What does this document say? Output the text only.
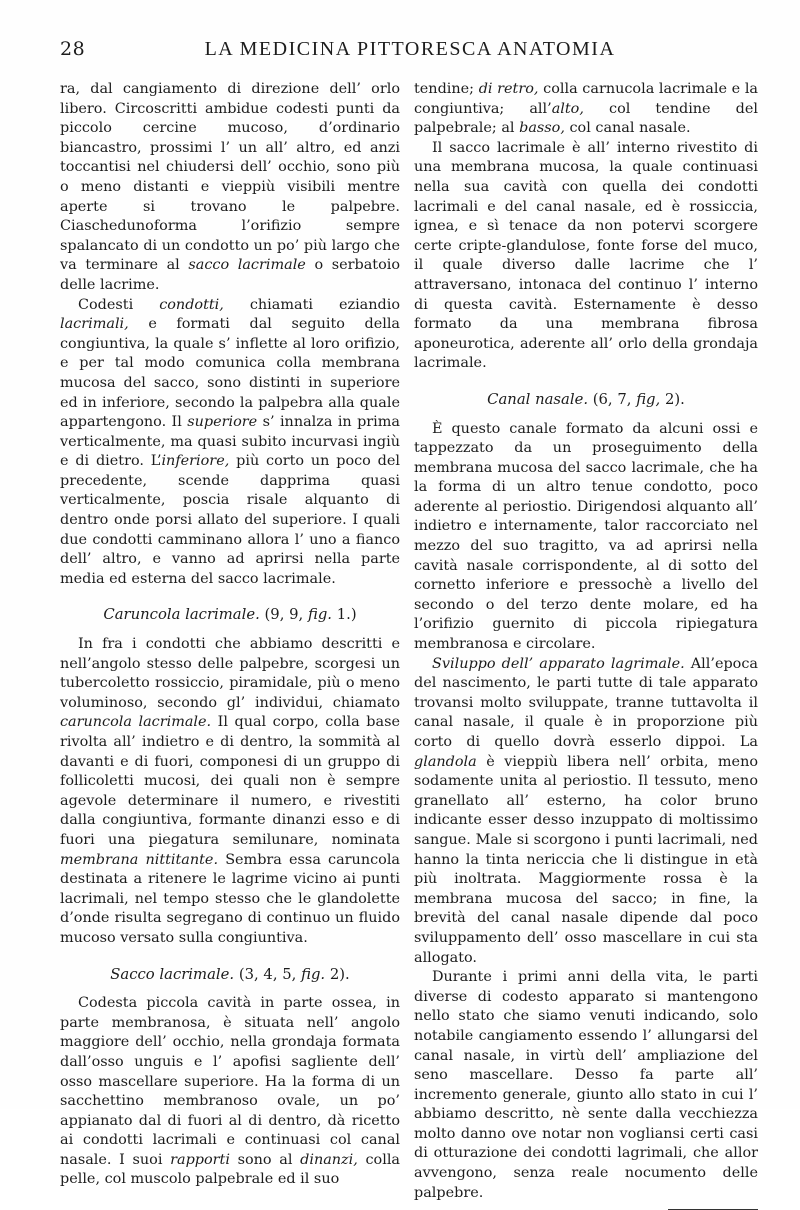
28	LA MEDICINA PITTORESCA ANATOMIA

ra, dal cangiamento di direzione dell’ orlo libero. Circoscritti ambidue codesti punti da piccolo cercine mucoso, d’ordinario biancastro, prossimi l’ un all’ altro, ed anzi toccantisi nel chiudersi dell’ occhio, sono più o meno distanti e vieppiù visibili mentre aperte si trovano le palpebre. Ciaschedunoforma l’orifizio sempre spalancato di un condotto un po’ più largo che va terminare al sacco lacrimale o serbatoio delle lacrime.

Codesti condotti, chiamati eziandio lacrimali, e formati dal seguito della congiuntiva, la quale s’ inflette al loro orifizio, e per tal modo comunica colla membrana mucosa del sacco, sono distinti in superiore ed in inferiore, secondo la palpebra alla quale appartengono. Il superiore s’ innalza in prima verticalmente, ma quasi subito incurvasi ingiù e di dietro. L’inferiore, più corto un poco del precedente, scende dapprima quasi verticalmente, poscia risale alquanto di dentro onde porsi allato del superiore. I quali due condotti camminano allora l’ uno a fianco dell’ altro, e vanno ad aprirsi nella parte media ed esterna del sacco lacrimale.

Caruncola lacrimale. (9, 9, fig. 1.)

In fra i condotti che abbiamo descritti e nell’angolo stesso delle palpebre, scorgesi un tubercoletto rossiccio, piramidale, più o meno voluminoso, secondo gl’ individui, chiamato caruncola lacrimale. Il qual corpo, colla base rivolta all’ indietro e di dentro, la sommità al davanti e di fuori, componesi di un gruppo di follicoletti mucosi, dei quali non è sempre agevole determinare il numero, e rivestiti dalla congiuntiva, formante dinanzi esso e di fuori una piegatura semilunare, nominata membrana nittitante. Sembra essa caruncola destinata a ritenere le lagrime vicino ai punti lacrimali, nel tempo stesso che le glandolette d’onde risulta segregano di continuo un fluido mucoso versato sulla congiuntiva.

Sacco lacrimale. (3, 4, 5, fig. 2).

Codesta piccola cavità in parte ossea, in parte membranosa, è situata nell’ angolo maggiore dell’ occhio, nella grondaja formata dall’osso unguis e l’ apofisi sagliente dell’ osso mascellare superiore. Ha la forma di un sacchettino membranoso ovale, un po’ appianato dal di fuori al di dentro, dà ricetto ai condotti lacrimali e continuasi col canal nasale. I suoi rapporti sono al dinanzi, colla pelle, col muscolo palpebrale ed il suo

tendine; di retro, colla carnucola lacrimale e la congiuntiva; all’alto, col tendine del palpebrale; al basso, col canal nasale.

Il sacco lacrimale è all’ interno rivestito di una membrana mucosa, la quale continuasi nella sua cavità con quella dei condotti lacrimali e del canal nasale, ed è rossiccia, ignea, e sì tenace da non potervi scorgere certe cripte-glandulose, fonte forse del muco, il quale diverso dalle lacrime che l’ attraversano, intonaca del continuo l’ interno di questa cavità. Esternamente è desso formato da una membrana fibrosa aponeurotica, aderente all’ orlo della grondaja lacrimale.

Canal nasale. (6, 7, fig, 2).

È questo canale formato da alcuni ossi e tappezzato da un proseguimento della membrana mucosa del sacco lacrimale, che ha la forma di un altro tenue condotto, poco aderente al periostio. Dirigendosi alquanto all’ indietro e internamente, talor raccorciato nel mezzo del suo tragitto, va ad aprirsi nella cavità nasale corrispondente, al di sotto del cornetto inferiore e pressochè a livello del secondo o del terzo dente molare, ed ha l’orifizio guernito di piccola ripiegatura membranosa e circolare.

Sviluppo dell’ apparato lagrimale. All’epoca del nascimento, le parti tutte di tale apparato trovansi molto sviluppate, tranne tuttavolta il canal nasale, il quale è in proporzione più corto di quello dovrà esserlo dippoi. La glandola è vieppiù libera nell’ orbita, meno sodamente unita al periostio. Il tessuto, meno granellato all’ esterno, ha color bruno indicante esser desso inzuppato di moltissimo sangue. Male si scorgono i punti lacrimali, ned hanno la tinta nericcia che li distingue in età più inoltrata. Maggiormente rossa è la membrana mucosa del sacco; in fine, la brevità del canal nasale dipende dal poco sviluppamento dell’ osso mascellare in cui sta allogato.

Durante i primi anni della vita, le parti diverse di codesto apparato si mantengono nello stato che siamo venuti indicando, solo notabile cangiamento essendo l’ allungarsi del canal nasale, in virtù dell’ ampliazione del seno mascellare. Desso fa parte all’ incremento generale, giunto allo stato in cui l’ abbiamo descritto, nè sente dalla vecchiezza molto danno ove notar non vogliansi certi casi di otturazione dei condotti lagrimali, che allor avvengono, senza reale nocumento delle palpebre.
